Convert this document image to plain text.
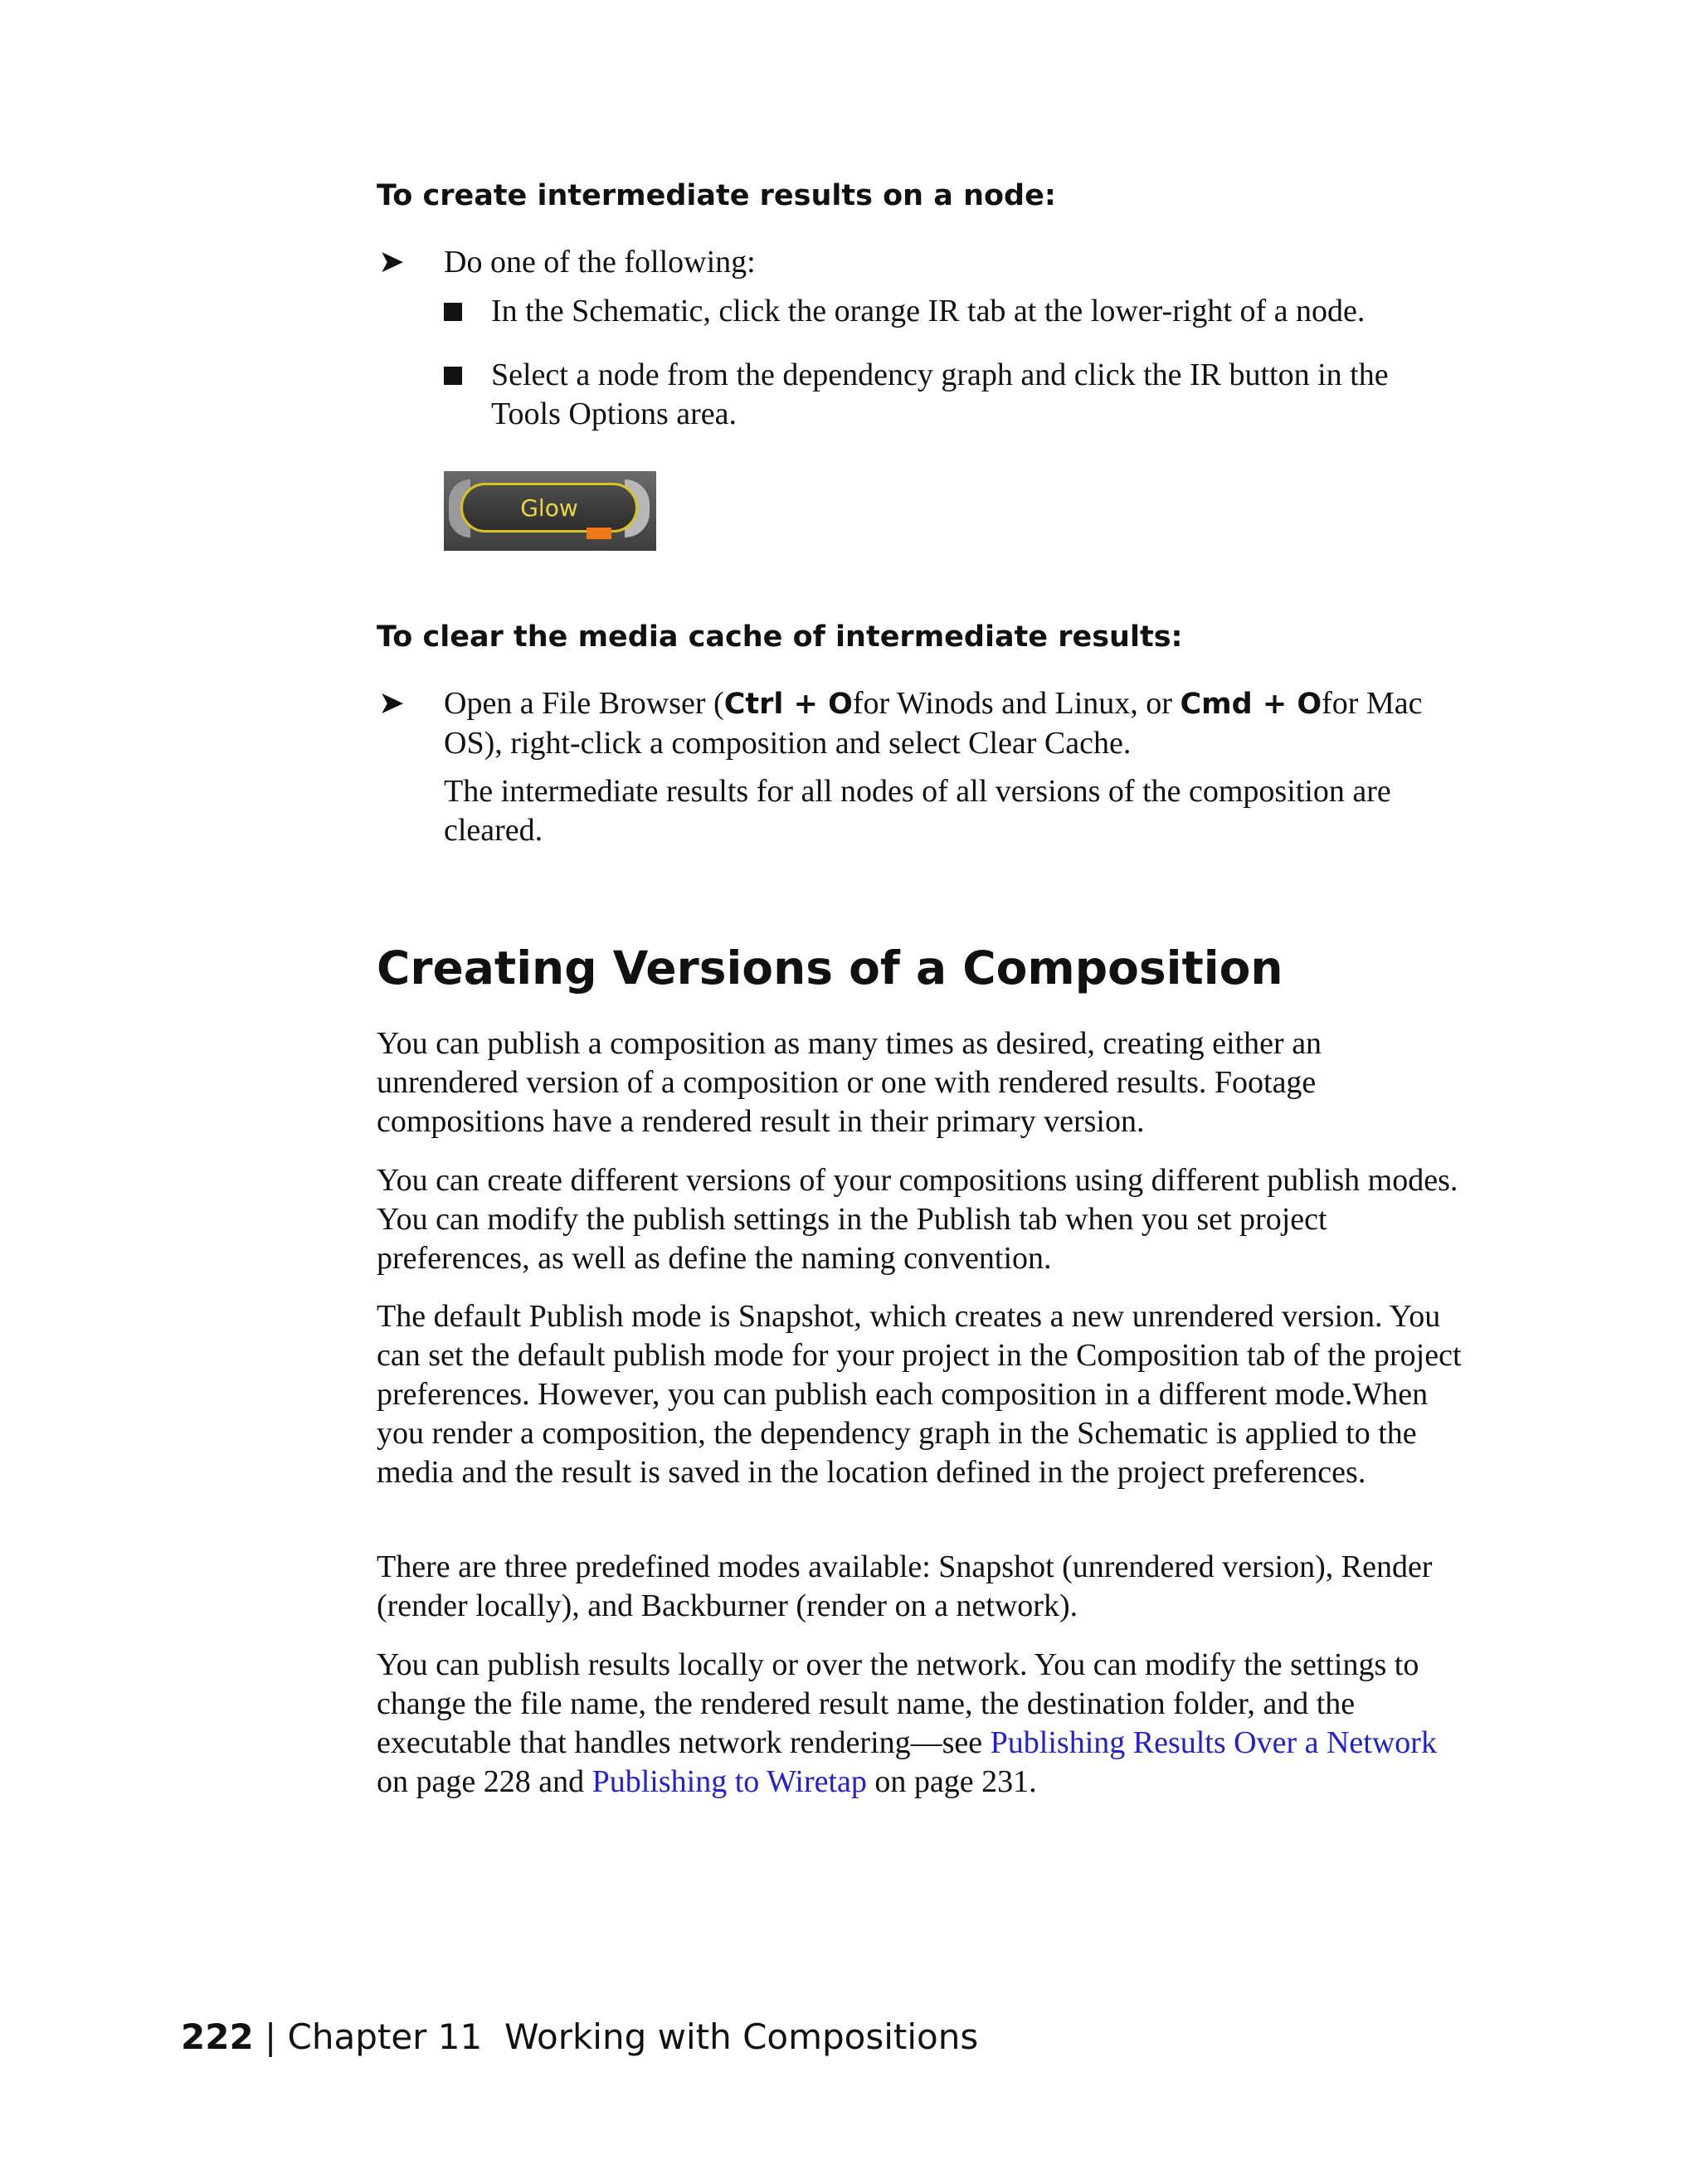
To create intermediate results on a node:
➤ Do one of the following:
In the Schematic, click the orange IR tab at the lower-right of a node.
Select a node from the dependency graph and click the IR button in the Tools Options area.
Glow
To clear the media cache of intermediate results:
➤ Open a File Browser (Ctrl + Ofor Winods and Linux, or Cmd + Ofor Mac OS), right-click a composition and select Clear Cache.
The intermediate results for all nodes of all versions of the composition are cleared.
Creating Versions of a Composition
You can publish a composition as many times as desired, creating either an unrendered version of a composition or one with rendered results. Footage compositions have a rendered result in their primary version.
You can create different versions of your compositions using different publish modes. You can modify the publish settings in the Publish tab when you set project preferences, as well as define the naming convention.
The default Publish mode is Snapshot, which creates a new unrendered version. You can set the default publish mode for your project in the Composition tab of the project preferences. However, you can publish each composition in a different mode.When you render a composition, the dependency graph in the Schematic is applied to the media and the result is saved in the location defined in the project preferences.
There are three predefined modes available: Snapshot (unrendered version), Render (render locally), and Backburner (render on a network).
You can publish results locally or over the network. You can modify the settings to change the file name, the rendered result name, the destination folder, and the executable that handles network rendering—see Publishing Results Over a Network on page 228 and Publishing to Wiretap on page 231.
222 | Chapter 11 Working with Compositions
